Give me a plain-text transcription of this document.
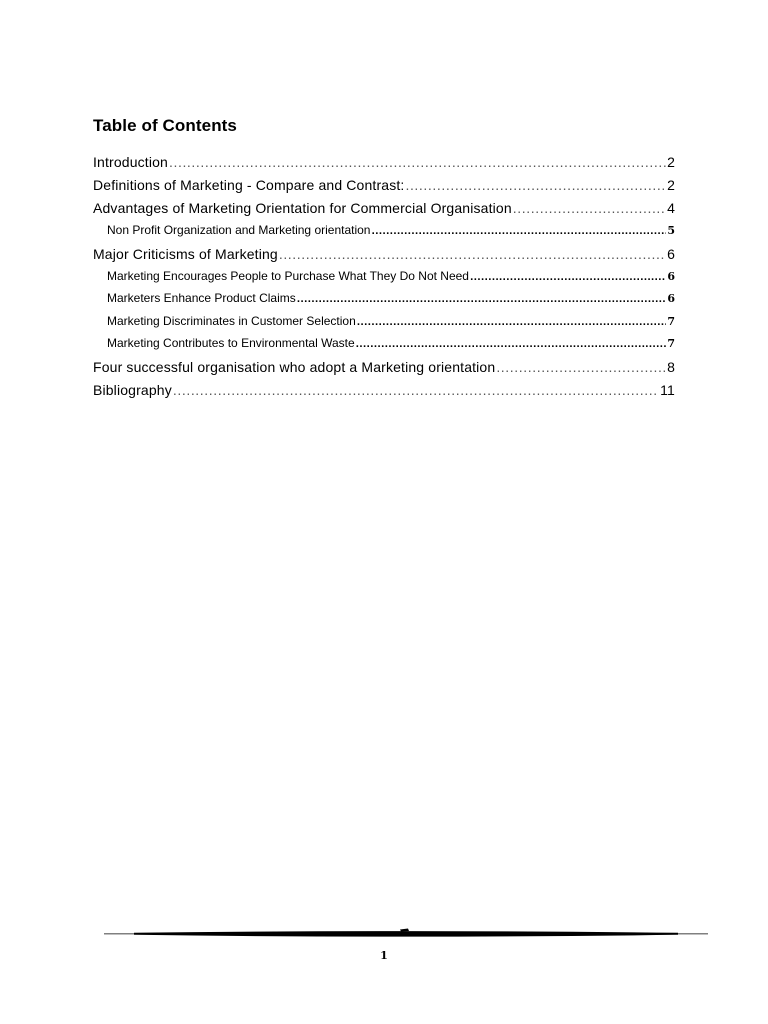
Table of Contents
Introduction .....	2
Definitions of Marketing - Compare and Contrast: .....	2
Advantages of Marketing Orientation for Commercial Organisation .....	4
Non Profit Organization and Marketing orientation .....	5
Major Criticisms of Marketing .....	6
Marketing Encourages People to Purchase What They Do Not Need .....	6
Marketers Enhance Product Claims .....	6
Marketing Discriminates in Customer Selection .....	7
Marketing Contributes to Environmental Waste .....	7
Four successful organisation who adopt a Marketing orientation .....	8
Bibliography .....	11
1
